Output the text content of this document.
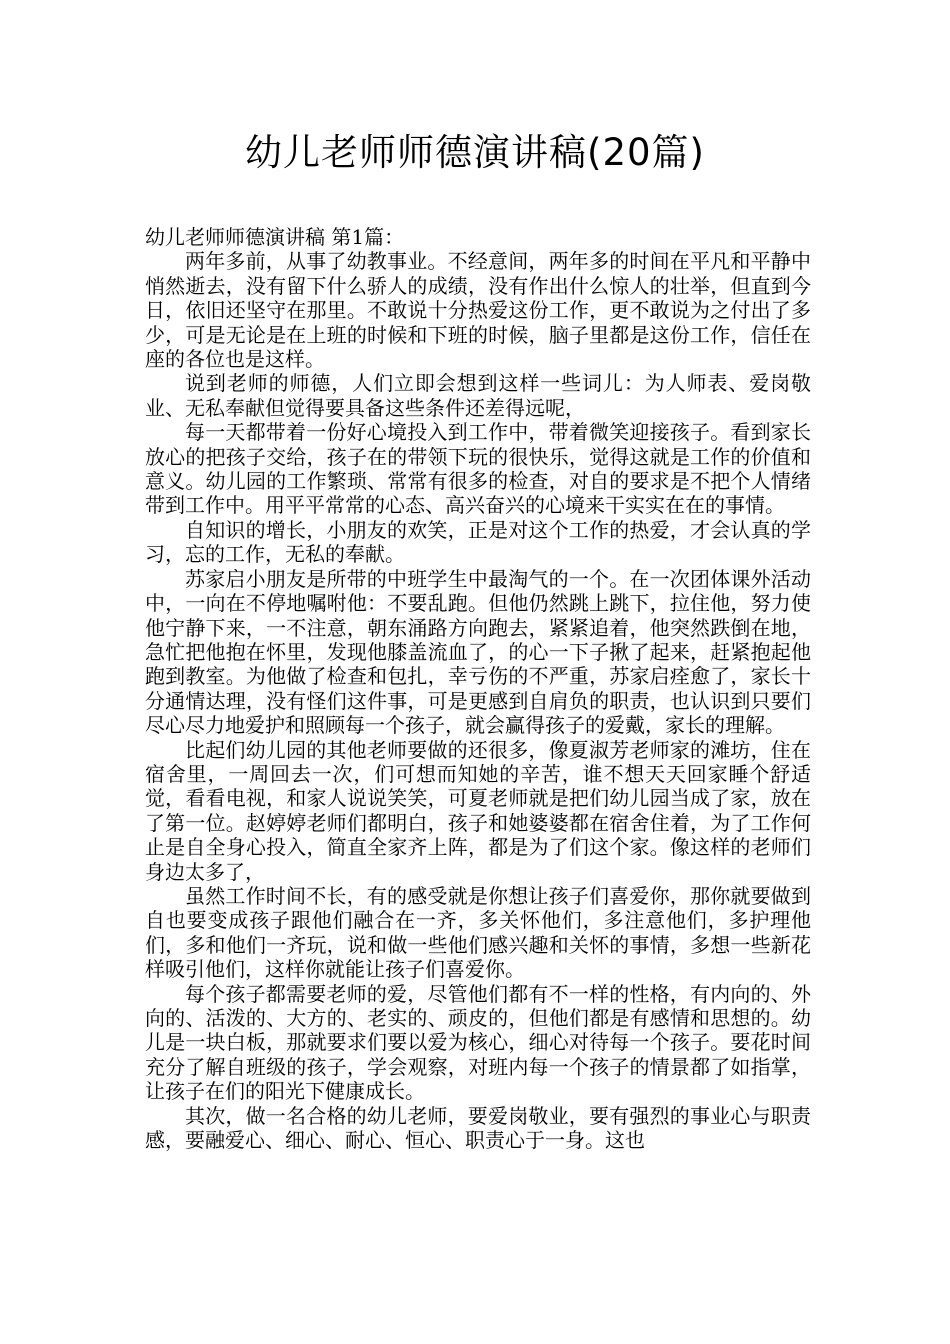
幼儿老师师德演讲稿(20篇)
幼儿老师师德演讲稿 第1篇：

两年多前，从事了幼教事业。不经意间，两年多的时间在平凡和平静中悄然逝去，没有留下什么骄人的成绩，没有作出什么惊人的壮举，但直到今日，依旧还坚守在那里。不敢说十分热爱这份工作，更不敢说为之付出了多少，可是无论是在上班的时候和下班的时候，脑子里都是这份工作，信任在座的各位也是这样。

说到老师的师德，人们立即会想到这样一些词儿：为人师表、爱岗敬业、无私奉献但觉得要具备这些条件还差得远呢，

每一天都带着一份好心境投入到工作中，带着微笑迎接孩子。看到家长放心的把孩子交给，孩子在的带领下玩的很快乐，觉得这就是工作的价值和意义。幼儿园的工作繁琐、常常有很多的检查，对自的要求是不把个人情绪带到工作中。用平平常常的心态、高兴奋兴的心境来干实实在在的事情。

自知识的增长，小朋友的欢笑，正是对这个工作的热爱，才会认真的学习，忘的工作，无私的奉献。

苏家启小朋友是所带的中班学生中最淘气的一个。在一次团体课外活动中，一向在不停地嘱咐他：不要乱跑。但他仍然跳上跳下，拉住他，努力使他宁静下来，一不注意，朝东涌路方向跑去，紧紧追着，他突然跌倒在地，急忙把他抱在怀里，发现他膝盖流血了，的心一下子揪了起来，赶紧抱起他跑到教室。为他做了检查和包扎，幸亏伤的不严重，苏家启痊愈了，家长十分通情达理，没有怪们这件事，可是更感到自肩负的职责，也认识到只要们尽心尽力地爱护和照顾每一个孩子，就会赢得孩子的爱戴，家长的理解。

比起们幼儿园的其他老师要做的还很多，像夏淑芳老师家的滩坊，住在宿舍里，一周回去一次，们可想而知她的辛苦，谁不想天天回家睡个舒适觉，看看电视，和家人说说笑笑，可夏老师就是把们幼儿园当成了家，放在了第一位。赵婷婷老师们都明白，孩子和她婆婆都在宿舍住着，为了工作何止是自全身心投入，简直全家齐上阵，都是为了们这个家。像这样的老师们身边太多了，

虽然工作时间不长，有的感受就是你想让孩子们喜爱你，那你就要做到自也要变成孩子跟他们融合在一齐，多关怀他们，多注意他们，多护理他们，多和他们一齐玩，说和做一些他们感兴趣和关怀的事情，多想一些新花样吸引他们，这样你就能让孩子们喜爱你。

每个孩子都需要老师的爱，尽管他们都有不一样的性格，有内向的、外向的、活泼的、大方的、老实的、顽皮的，但他们都是有感情和思想的。幼儿是一块白板，那就要求们要以爱为核心，细心对待每一个孩子。要花时间充分了解自班级的孩子，学会观察，对班内每一个孩子的情景都了如指掌，让孩子在们的阳光下健康成长。

其次，做一名合格的幼儿老师，要爱岗敬业，要有强烈的事业心与职责感，要融爱心、细心、耐心、恒心、职责心于一身。这也
